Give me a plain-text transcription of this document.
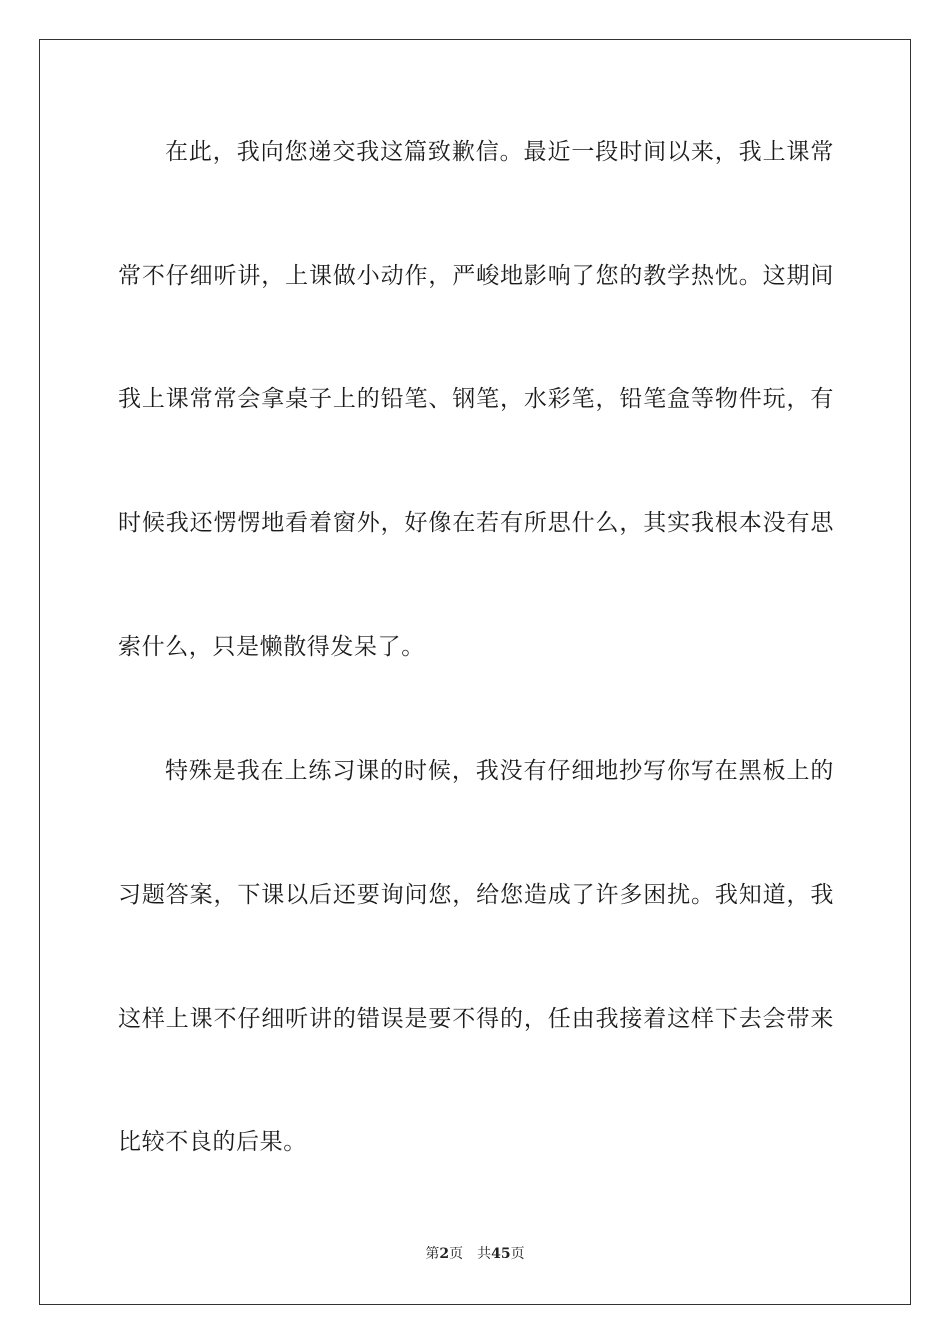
在此，我向您递交我这篇致歉信。最近一段时间以来，我上课常
常不仔细听讲，上课做小动作，严峻地影响了您的教学热忱。这期间
我上课常常会拿桌子上的铅笔、钢笔，水彩笔，铅笔盒等物件玩，有
时候我还愣愣地看着窗外，好像在若有所思什么，其实我根本没有思
索什么，只是懒散得发呆了。
特殊是我在上练习课的时候，我没有仔细地抄写你写在黑板上的
习题答案，下课以后还要询问您，给您造成了许多困扰。我知道，我
这样上课不仔细听讲的错误是要不得的，任由我接着这样下去会带来
比较不良的后果。
第2页 共45页
